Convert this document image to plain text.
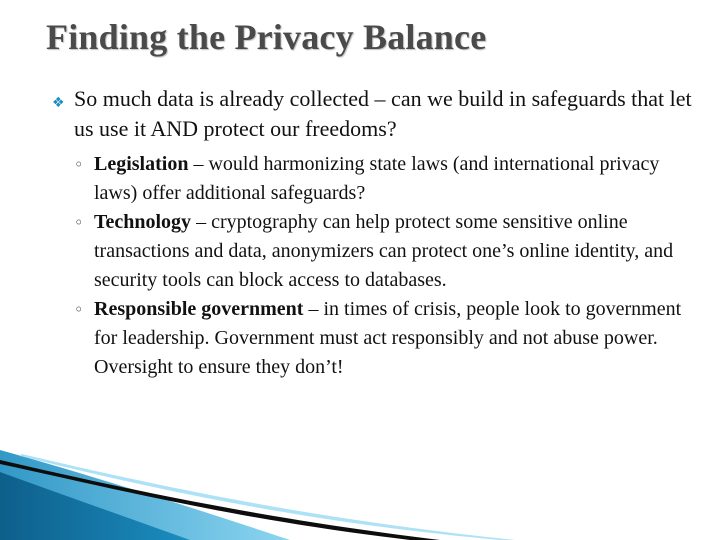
Finding the Privacy Balance
❖ So much data is already collected – can we build in safeguards that let us use it AND protect our freedoms?
◦ Legislation – would harmonizing state laws (and international privacy laws) offer additional safeguards?
◦ Technology – cryptography can help protect some sensitive online transactions and data, anonymizers can protect one’s online identity, and security tools can block access to databases.
◦ Responsible government – in times of crisis, people look to government for leadership. Government must act responsibly and not abuse power. Oversight to ensure they don’t!
